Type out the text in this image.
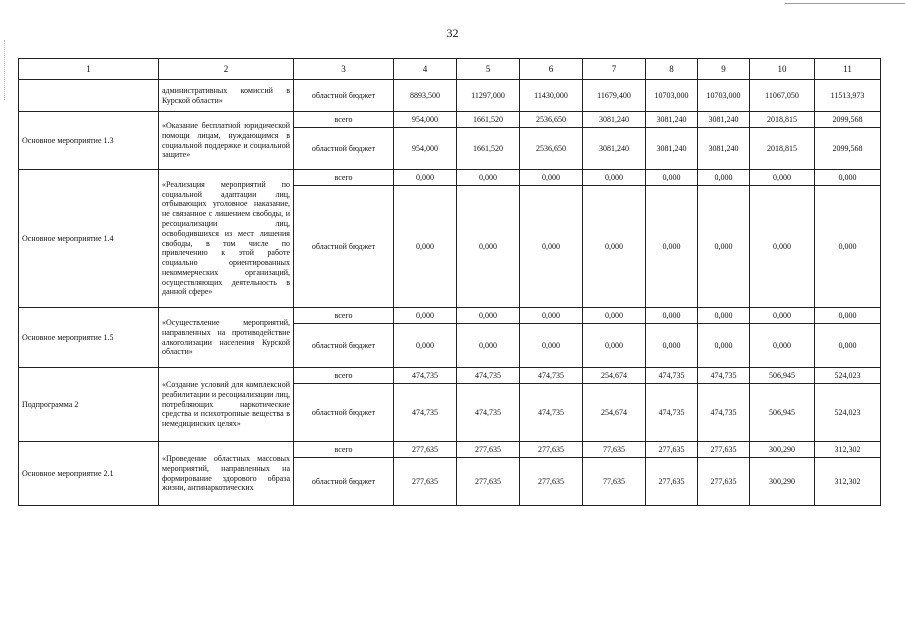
32
1	2	3	4	5	6	7	8	9	10	11
	административных комиссий в Курской области»	областной бюджет	8893,500	11297,000	11430,000	11679,400	10703,000	10703,000	11067,050	11513,973
Основное мероприятие 1.3	«Оказание бесплатной юридической помощи лицам, нуждающимся в социальной поддержке и социальной защите»	всего	954,000	1661,520	2536,650	3081,240	3081,240	3081,240	2018,815	2099,568
		областной бюджет	954,000	1661,520	2536,650	3081,240	3081,240	3081,240	2018,815	2099,568
Основное мероприятие 1.4	«Реализация мероприятий по социальной адаптации лиц, отбывающих уголовное наказание, не связанное с лишением свободы, и ресоциализации лиц, освободившихся из мест лишения свободы, в том числе по привлечению к этой работе социально ориентированных некоммерческих организаций, осуществляющих деятельность в данной сфере»	всего	0,000	0,000	0,000	0,000	0,000	0,000	0,000	0,000
		областной бюджет	0,000	0,000	0,000	0,000	0,000	0,000	0,000	0,000
Основное мероприятие 1.5	«Осуществление мероприятий, направленных на противодействие алкоголизации населения Курской области»	всего	0,000	0,000	0,000	0,000	0,000	0,000	0,000	0,000
		областной бюджет	0,000	0,000	0,000	0,000	0,000	0,000	0,000	0,000
Подпрограмма 2	«Создание условий для комплексной реабилитации и ресоциализации лиц, потребляющих наркотические средства и психотропные вещества в немедицинских целях»	всего	474,735	474,735	474,735	254,674	474,735	474,735	506,945	524,023
		областной бюджет	474,735	474,735	474,735	254,674	474,735	474,735	506,945	524,023
Основное мероприятие 2.1	«Проведение областных массовых мероприятий, направленных на формирование здорового образа жизни, антинаркотических	всего	277,635	277,635	277,635	77,635	277,635	277,635	300,290	312,302
		областной бюджет	277,635	277,635	277,635	77,635	277,635	277,635	300,290	312,302
